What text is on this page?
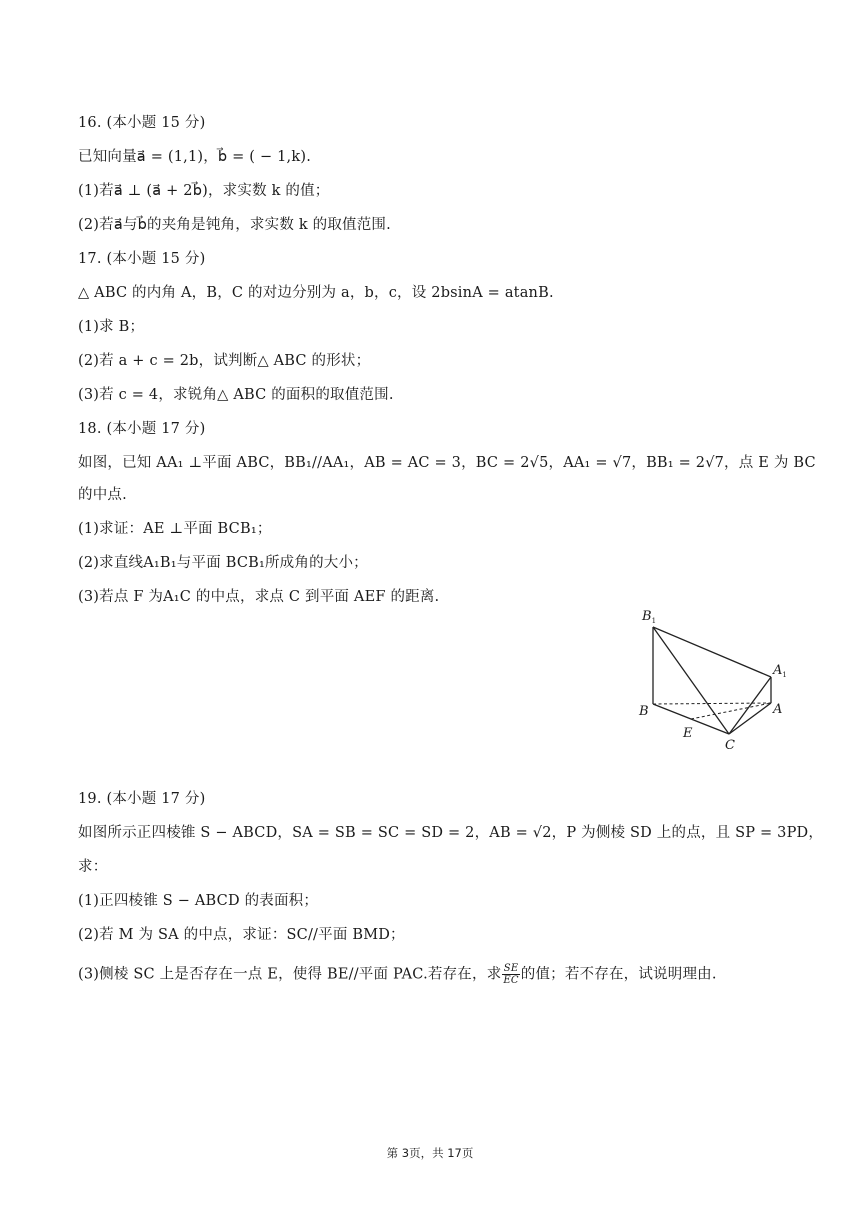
16. (本小题 15 分)
已知向量a⃗ = (1,1)，b⃗ = ( − 1,k).
(1)若a⃗ ⊥ (a⃗ + 2b⃗)，求实数 k 的值；
(2)若a⃗与b⃗的夹角是钝角，求实数 k 的取值范围.
17. (本小题 15 分)
△ ABC 的内角 A，B，C 的对边分别为 a，b，c，设 2bsinA = atanB.
(1)求 B；
(2)若 a + c = 2b，试判断△ ABC 的形状；
(3)若 c = 4，求锐角△ ABC 的面积的取值范围.
18. (本小题 17 分)
如图，已知 AA₁ ⊥平面 ABC，BB₁//AA₁，AB = AC = 3，BC = 2√5，AA₁ = √7，BB₁ = 2√7，点 E 为 BC
的中点.
(1)求证：AE ⊥平面 BCB₁；
(2)求直线A₁B₁与平面 BCB₁所成角的大小；
(3)若点 F 为A₁C 的中点，求点 C 到平面 AEF 的距离.
$B_1$
$A_1$
B	A
E
C
19. (本小题 17 分)
如图所示正四棱锥 S − ABCD，SA = SB = SC = SD = 2，AB = √2，P 为侧棱 SD 上的点，且 SP = 3PD，
求：
(1)正四棱锥 S − ABCD 的表面积；
(2)若 M 为 SA 的中点，求证：SC//平面 BMD；
(3)侧棱 SC 上是否存在一点 E，使得 BE//平面 PAC.若存在，求 $\frac{SE}{EC}$ 的值；若不存在，试说明理由.
第 3页，共 17页
